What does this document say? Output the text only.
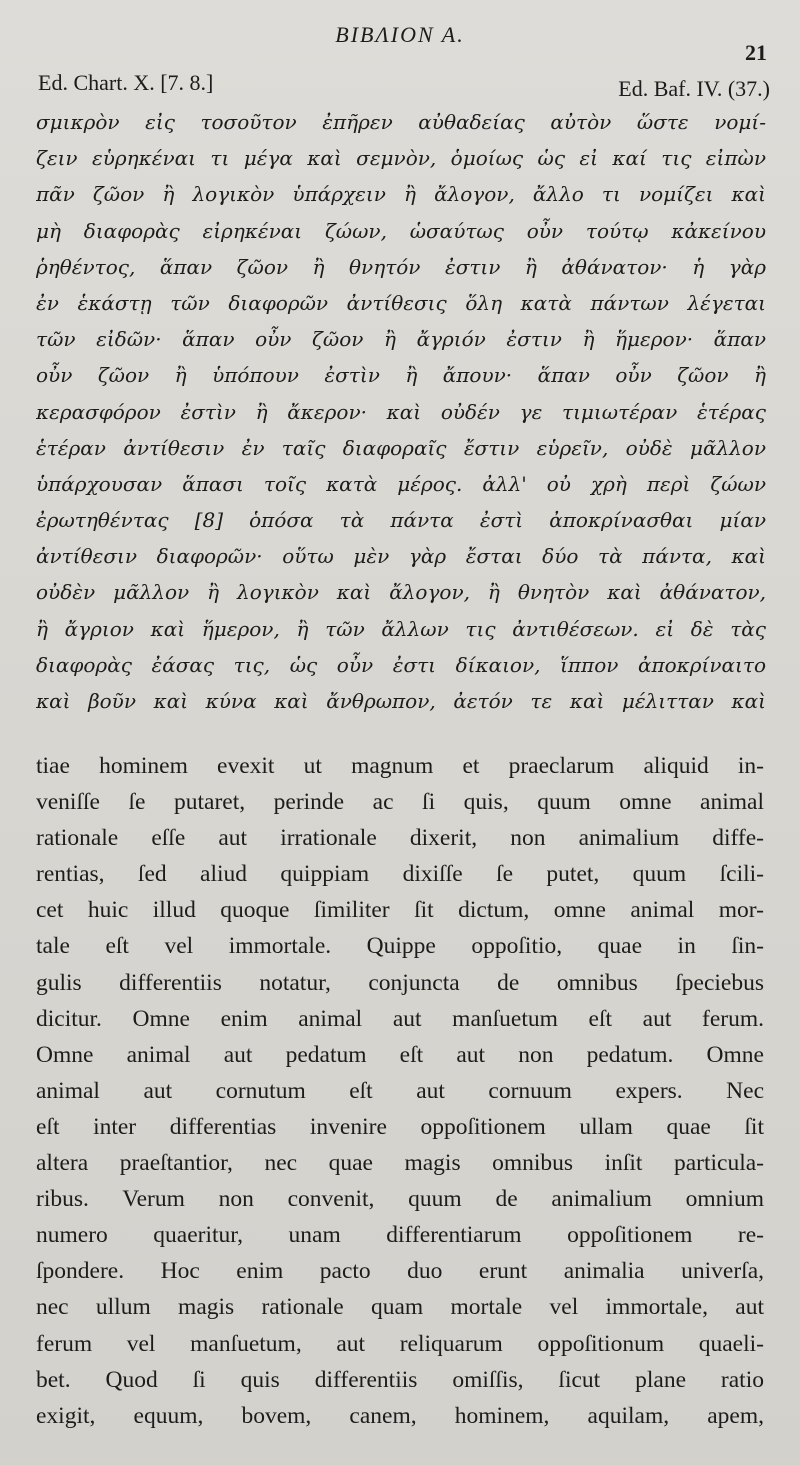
BIBΛION A.
21
Ed. Chart. X. [7. 8.]	Ed. Baf. IV. (37.)
σμικρὸν εἰς τοσοῦτον ἐπῆρεν αὐθαδείας αὐτὸν ὥστε νομί-
ζειν εὑρηκέναι τι μέγα καὶ σεμνὸν, ὁμοίως ὡς εἰ καί τις εἰπὼν
πᾶν ζῶον ἢ λογικὸν ὑπάρχειν ἢ ἄλογον, ἄλλο τι νομίζει καὶ
μὴ διαφορὰς εἰρηκέναι ζώων, ὡσαύτως οὖν τούτῳ κἀκείνου
ῥηθέντος, ἅπαν ζῶον ἢ θνητόν ἐστιν ἢ ἀθάνατον· ἡ γὰρ
ἐν ἑκάστῃ τῶν διαφορῶν ἀντίθεσις ὅλη κατὰ πάντων λέγεται
τῶν εἰδῶν· ἅπαν οὖν ζῶον ἢ ἄγριόν ἐστιν ἢ ἥμερον· ἅπαν
οὖν ζῶον ἢ ὑπόπουν ἐστὶν ἢ ἄπουν· ἅπαν οὖν ζῶον ἢ
κερασφόρον ἐστὶν ἢ ἄκερον· καὶ οὐδέν γε τιμιωτέραν ἑτέρας
ἑτέραν ἀντίθεσιν ἐν ταῖς διαφοραῖς ἔστιν εὑρεῖν, οὐδὲ μᾶλλον
ὑπάρχουσαν ἅπασι τοῖς κατὰ μέρος. ἀλλ' οὐ χρὴ περὶ ζώων
ἐρωτηθέντας [8] ὁπόσα τὰ πάντα ἐστὶ ἀποκρίνασθαι μίαν
ἀντίθεσιν διαφορῶν· οὕτω μὲν γὰρ ἔσται δύο τὰ πάντα, καὶ
οὐδὲν μᾶλλον ἢ λογικὸν καὶ ἄλογον, ἢ θνητὸν καὶ ἀθάνατον,
ἢ ἄγριον καὶ ἥμερον, ἢ τῶν ἄλλων τις ἀντιθέσεων. εἰ δὲ τὰς
διαφορὰς ἐάσας τις, ὡς οὖν ἐστι δίκαιον, ἵππον ἀποκρίναιτο
καὶ βοῦν καὶ κύνα καὶ ἄνθρωπον, ἀετόν τε καὶ μέλιτταν καὶ
tiae hominem evexit ut magnum et praeclarum aliquid in-
veniſſe ſe putaret, perinde ac ſi quis, quum omne animal
rationale eſſe aut irrationale dixerit, non animalium diffe-
rentias, ſed aliud quippiam dixiſſe ſe putet, quum ſcili-
cet huic illud quoque ſimiliter ſit dictum, omne animal mor-
tale eſt vel immortale. Quippe oppoſitio, quae in ſin-
gulis differentiis notatur, conjuncta de omnibus ſpeciebus
dicitur. Omne enim animal aut manſuetum eſt aut ferum.
Omne animal aut pedatum eſt aut non pedatum. Omne
animal aut cornutum eſt aut cornuum expers. Nec
eſt inter differentias invenire oppoſitionem ullam quae ſit
altera praeſtantior, nec quae magis omnibus inſit particula-
ribus. Verum non convenit, quum de animalium omnium
numero quaeritur, unam differentiarum oppoſitionem re-
ſpondere. Hoc enim pacto duo erunt animalia univerſa,
nec ullum magis rationale quam mortale vel immortale, aut
ferum vel manſuetum, aut reliquarum oppoſitionum quaeli-
bet. Quod ſi quis differentiis omiſſis, ſicut plane ratio
exigit, equum, bovem, canem, hominem, aquilam, apem,
